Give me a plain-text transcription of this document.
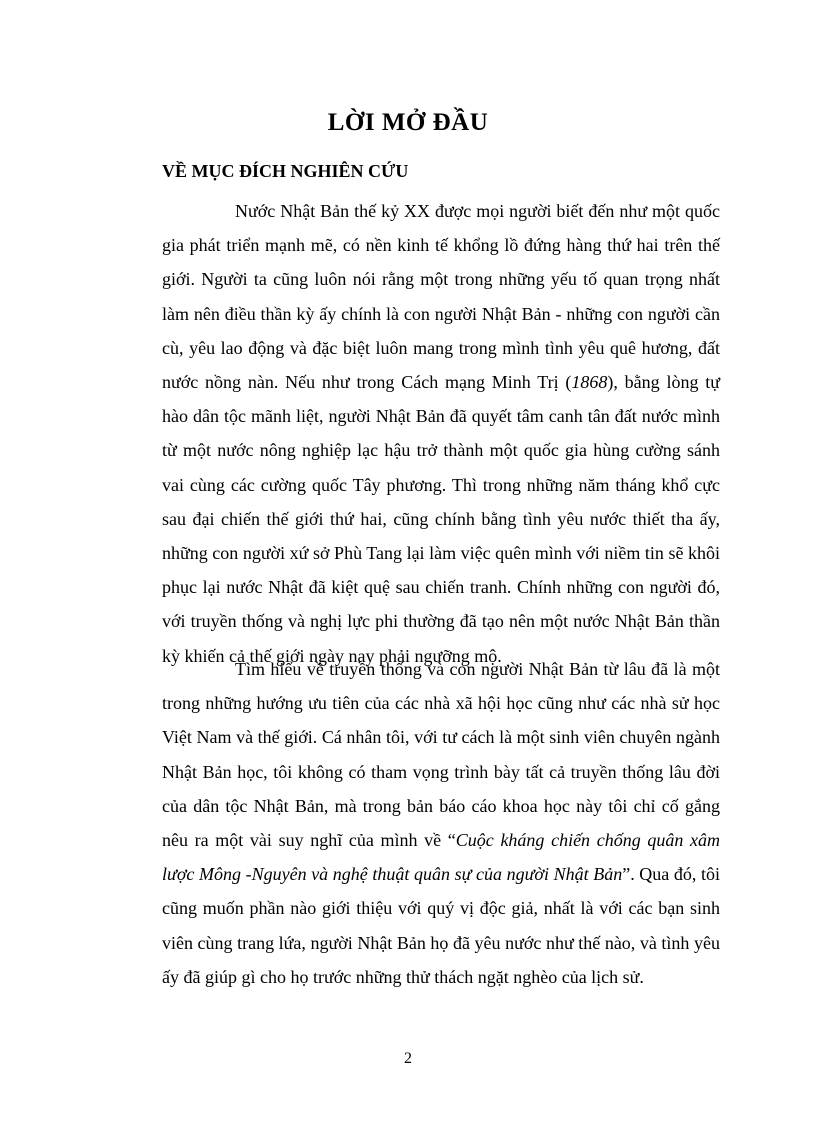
LỜI MỞ ĐẦU
VỀ MỤC ĐÍCH NGHIÊN CỨU

Nước Nhật Bản thế kỷ XX được mọi người biết đến như một quốc gia phát triển mạnh mẽ, có nền kinh tế khổng lồ đứng hàng thứ hai trên thế giới. Người ta cũng luôn nói rằng một trong những yếu tố quan trọng nhất làm nên điều thần kỳ ấy chính là con người Nhật Bản - những con người cần cù, yêu lao động và đặc biệt luôn mang trong mình tình yêu quê hương, đất nước nồng nàn. Nếu như trong Cách mạng Minh Trị (1868), bằng lòng tự hào dân tộc mãnh liệt, người Nhật Bản đã quyết tâm canh tân đất nước mình từ một nước nông nghiệp lạc hậu trở thành một quốc gia hùng cường sánh vai cùng các cường quốc Tây phương. Thì trong những năm tháng khổ cực sau đại chiến thế giới thứ hai, cũng chính bằng tình yêu nước thiết tha ấy, những con người xứ sở Phù Tang lại làm việc quên mình với niềm tin sẽ khôi phục lại nước Nhật đã kiệt quệ sau chiến tranh. Chính những con người đó, với truyền thống và nghị lực phi thường đã tạo nên một nước Nhật Bản thần kỳ khiến cả thế giới ngày nay phải ngưỡng mộ.

Tìm hiểu về truyền thống và con người Nhật Bản từ lâu đã là một trong những hướng ưu tiên của các nhà xã hội học cũng như các nhà sử học Việt Nam và thế giới. Cá nhân tôi, với tư cách là một sinh viên chuyên ngành Nhật Bản học, tôi không có tham vọng trình bày tất cả truyền thống lâu đời của dân tộc Nhật Bản, mà trong bản báo cáo khoa học này tôi chỉ cố gắng nêu ra một vài suy nghĩ của mình về “Cuộc kháng chiến chống quân xâm lược Mông -Nguyên và nghệ thuật quân sự của người Nhật Bản”. Qua đó, tôi cũng muốn phần nào giới thiệu với quý vị độc giả, nhất là với các bạn sinh viên cùng trang lứa, người Nhật Bản họ đã yêu nước như thế nào, và tình yêu ấy đã giúp gì cho họ trước những thử thách ngặt nghèo của lịch sử.

2
